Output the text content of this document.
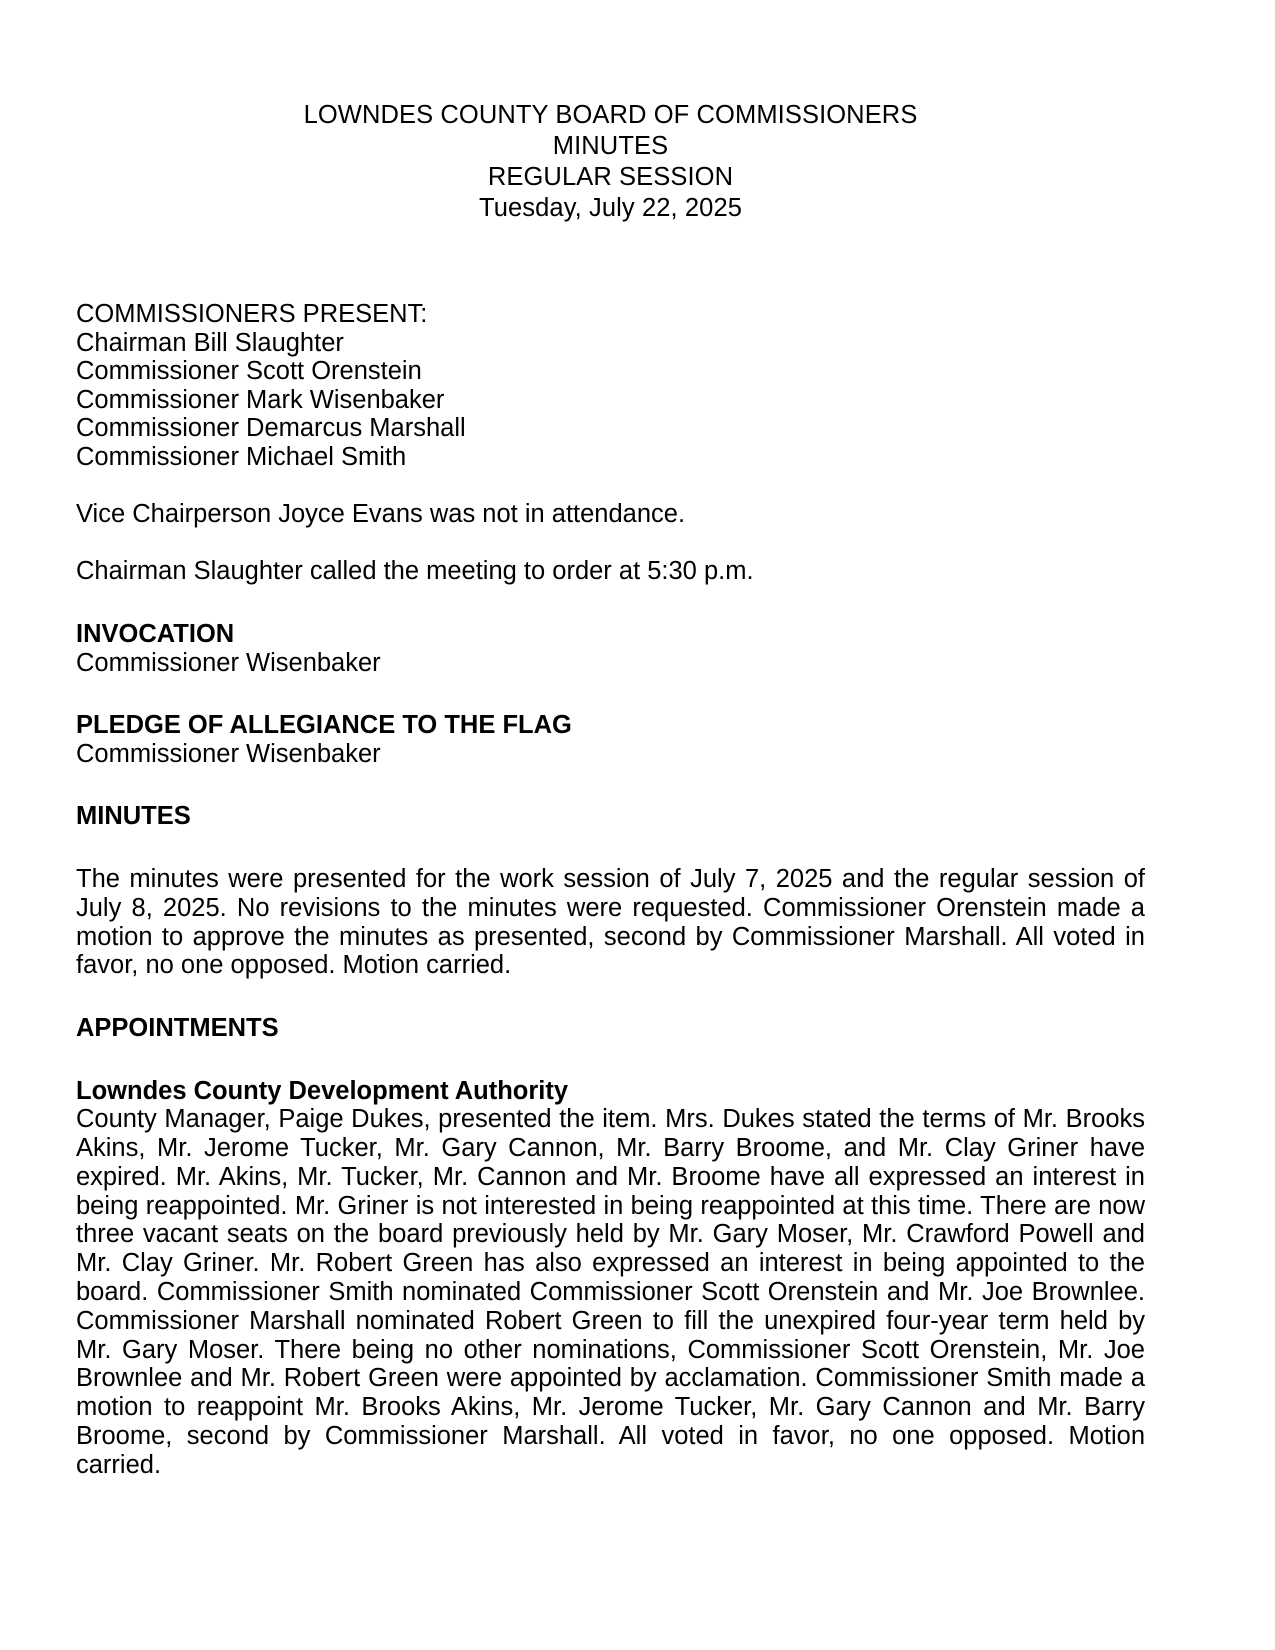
LOWNDES COUNTY BOARD OF COMMISSIONERS
MINUTES
REGULAR SESSION
Tuesday, July 22, 2025
COMMISSIONERS PRESENT:
Chairman Bill Slaughter
Commissioner Scott Orenstein
Commissioner Mark Wisenbaker
Commissioner Demarcus Marshall
Commissioner Michael Smith
Vice Chairperson Joyce Evans was not in attendance.
Chairman Slaughter called the meeting to order at 5:30 p.m.
INVOCATION
Commissioner Wisenbaker
PLEDGE OF ALLEGIANCE TO THE FLAG
Commissioner Wisenbaker
MINUTES

The minutes were presented for the work session of July 7, 2025 and the regular session of July 8, 2025. No revisions to the minutes were requested. Commissioner Orenstein made a motion to approve the minutes as presented, second by Commissioner Marshall. All voted in favor, no one opposed. Motion carried.

APPOINTMENTS
Lowndes County Development Authority

County Manager, Paige Dukes, presented the item. Mrs. Dukes stated the terms of Mr. Brooks Akins, Mr. Jerome Tucker, Mr. Gary Cannon, Mr. Barry Broome, and Mr. Clay Griner have expired. Mr. Akins, Mr. Tucker, Mr. Cannon and Mr. Broome have all expressed an interest in being reappointed. Mr. Griner is not interested in being reappointed at this time. There are now three vacant seats on the board previously held by Mr. Gary Moser, Mr. Crawford Powell and Mr. Clay Griner. Mr. Robert Green has also expressed an interest in being appointed to the board. Commissioner Smith nominated Commissioner Scott Orenstein and Mr. Joe Brownlee. Commissioner Marshall nominated Robert Green to fill the unexpired four-year term held by Mr. Gary Moser. There being no other nominations, Commissioner Scott Orenstein, Mr. Joe Brownlee and Mr. Robert Green were appointed by acclamation. Commissioner Smith made a motion to reappoint Mr. Brooks Akins, Mr. Jerome Tucker, Mr. Gary Cannon and Mr. Barry Broome, second by Commissioner Marshall. All voted in favor, no one opposed. Motion carried.
